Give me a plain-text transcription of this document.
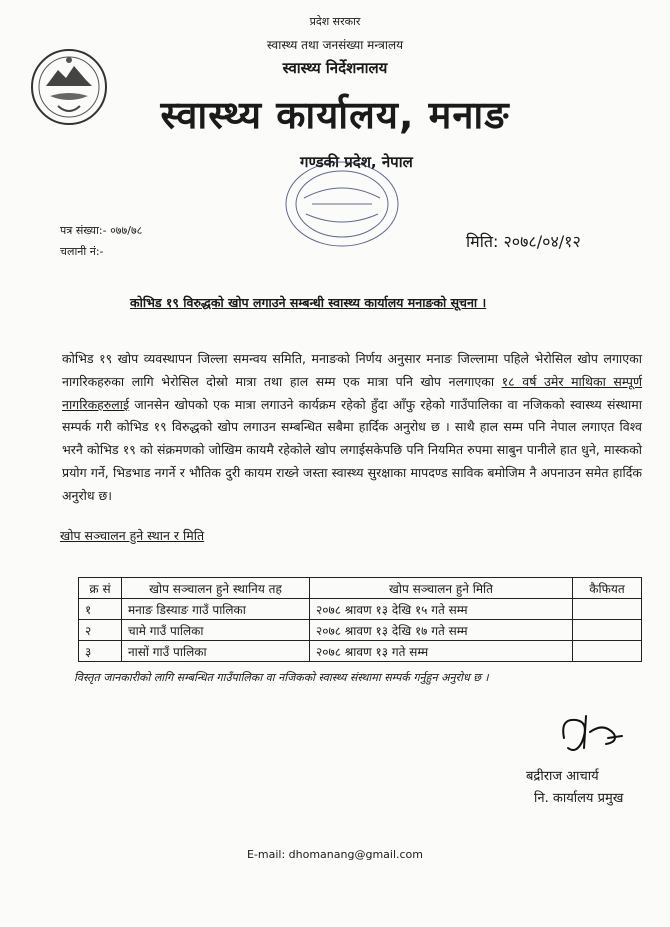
प्रदेश सरकार
स्वास्थ्य तथा जनसंख्या मन्त्रालय
स्वास्थ्य निर्देशनालय
स्वास्थ्य कार्यालय, मनाङ
गण्डकी प्रदेश, नेपाल
पत्र संख्या:- ०७७/७८
चलानी नं:-
मिति: २०७८/०४/१२
कोभिड १९ विरुद्धको खोप लगाउने सम्बन्धी स्वास्थ्य कार्यालय मनाङको सूचना ।
कोभिड १९ खोप व्यवस्थापन जिल्ला समन्वय समिति, मनाङको निर्णय अनुसार मनाङ जिल्लामा पहिले भेरोसिल खोप लगाएका नागरिकहरुका लागि भेरोसिल दोस्रो मात्रा तथा हाल सम्म एक मात्रा पनि खोप नलगाएका १८ वर्ष उमेर माथिका सम्पूर्ण नागरिकहरुलाई जानसेन खोपको एक मात्रा लगाउने कार्यक्रम रहेको हुँदा आँफु रहेको गाउँपालिका वा नजिकको स्वास्थ्य संस्थामा सम्पर्क गरी कोभिड १९ विरुद्धको खोप लगाउन सम्बन्धित सबैमा हार्दिक अनुरोध छ । साथै हाल सम्म पनि नेपाल लगाएत विश्व भरनै कोभिड १९ को संक्रमणको जोखिम कायमै रहेकोले खोप लगाईसकेपछि पनि नियमित रुपमा साबुन पानीले हात धुने, मास्कको प्रयोग गर्ने, भिडभाड नगर्ने र भौतिक दुरी कायम राख्ने जस्ता स्वास्थ्य सुरक्षाका मापदण्ड साविक बमोजिम नै अपनाउन समेत हार्दिक अनुरोध छ।
खोप सञ्चालन हुने स्थान र मिति
क्र सं	खोप सञ्चालन हुने स्थानिय तह	खोप सञ्चालन हुने मिति	कैफियत
१	मनाङ डिस्याङ गाउँ पालिका	२०७८ श्रावण १३ देखि १५ गते सम्म	
२	चामे गाउँ पालिका	२०७८ श्रावण १३ देखि १७ गते सम्म	
३	नासों गाउँ पालिका	२०७८ श्रावण १३ गते सम्म	
विस्तृत जानकारीको लागि सम्बन्धित गाउँपालिका वा नजिकको स्वास्थ्य संस्थामा सम्पर्क गर्नुहुन अनुरोध छ ।
बद्रीराज आचार्य
नि. कार्यालय प्रमुख
E-mail: dhomanang@gmail.com
